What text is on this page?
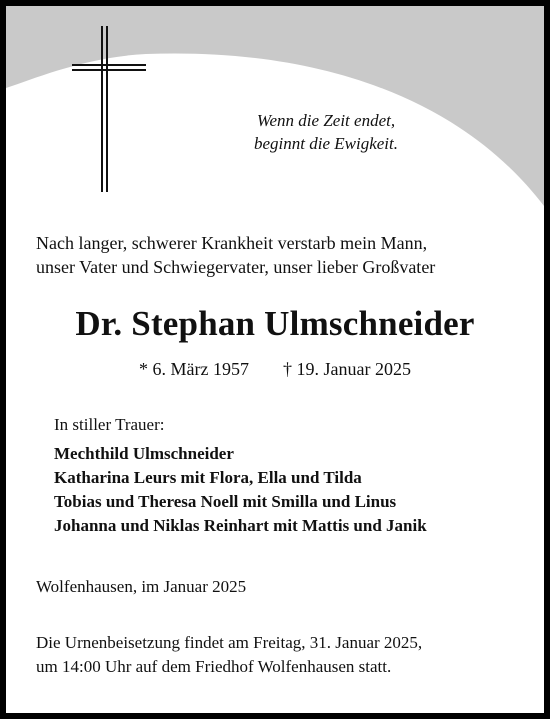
Wenn die Zeit endet,
beginnt die Ewigkeit.
Nach langer, schwerer Krankheit verstarb mein Mann,
unser Vater und Schwiegervater, unser lieber Großvater
Dr. Stephan Ulmschneider
* 6. März 1957 † 19. Januar 2025
In stiller Trauer:
Mechthild Ulmschneider
Katharina Leurs mit Flora, Ella und Tilda
Tobias und Theresa Noell mit Smilla und Linus
Johanna und Niklas Reinhart mit Mattis und Janik
Wolfenhausen, im Januar 2025
Die Urnenbeisetzung findet am Freitag, 31. Januar 2025,
um 14:00 Uhr auf dem Friedhof Wolfenhausen statt.
